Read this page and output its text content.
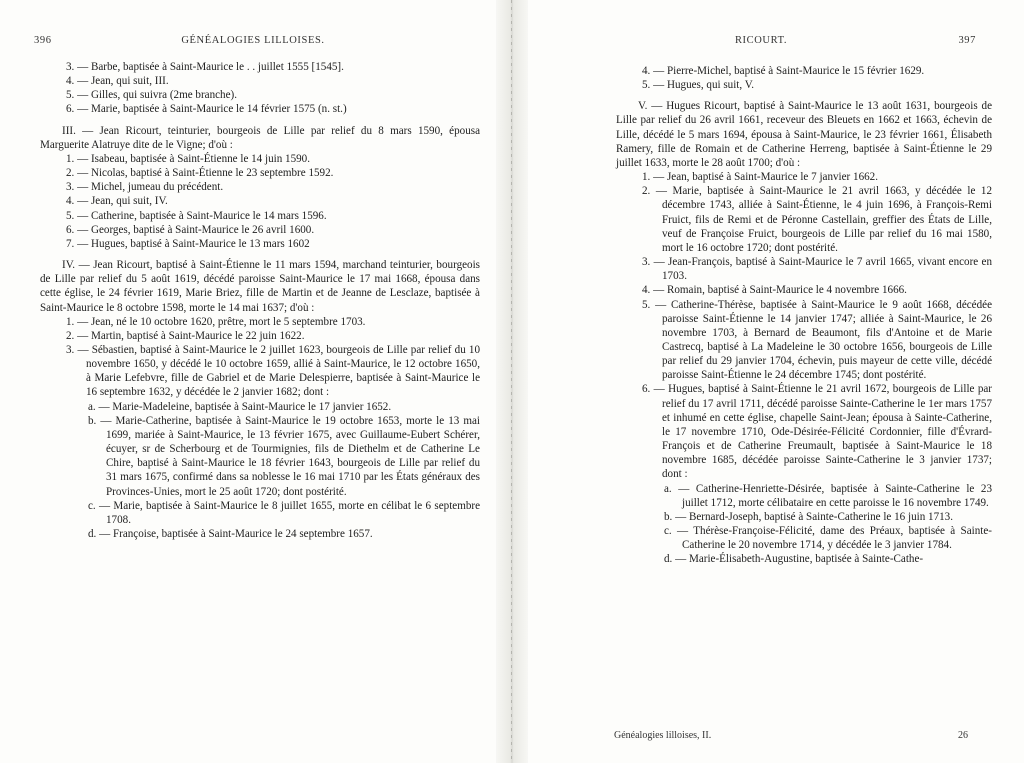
396	GÉNÉALOGIES LILLOISES.

3. — Barbe, baptisée à Saint-Maurice le . . juillet 1555 [1545].

4. — Jean, qui suit, III.

5. — Gilles, qui suivra (2me branche).

6. — Marie, baptisée à Saint-Maurice le 14 février 1575 (n. st.)

III. — Jean Ricourt, teinturier, bourgeois de Lille par relief du 8 mars 1590, épousa Marguerite Alatruye dite de le Vigne; d'où :

1. — Isabeau, baptisée à Saint-Étienne le 14 juin 1590.

2. — Nicolas, baptisé à Saint-Étienne le 23 septembre 1592.

3. — Michel, jumeau du précédent.

4. — Jean, qui suit, IV.

5. — Catherine, baptisée à Saint-Maurice le 14 mars 1596.

6. — Georges, baptisé à Saint-Maurice le 26 avril 1600.

7. — Hugues, baptisé à Saint-Maurice le 13 mars 1602

IV. — Jean Ricourt, baptisé à Saint-Étienne le 11 mars 1594, marchand teinturier, bourgeois de Lille par relief du 5 août 1619, décédé paroisse Saint-Maurice le 17 mai 1668, épousa dans cette église, le 24 février 1619, Marie Briez, fille de Martin et de Jeanne de Lesclaze, baptisée à Saint-Maurice le 8 octobre 1598, morte le 14 mai 1637; d'où :

1. — Jean, né le 10 octobre 1620, prêtre, mort le 5 septembre 1703.

2. — Martin, baptisé à Saint-Maurice le 22 juin 1622.

3. — Sébastien, baptisé à Saint-Maurice le 2 juillet 1623, bourgeois de Lille par relief du 10 novembre 1650, y décédé le 10 octobre 1659, allié à Saint-Maurice, le 12 octobre 1650, à Marie Lefebvre, fille de Gabriel et de Marie Delespierre, baptisée à Saint-Maurice le 16 septembre 1632, y décédée le 2 janvier 1682; dont :

a. — Marie-Madeleine, baptisée à Saint-Maurice le 17 janvier 1652.

b. — Marie-Catherine, baptisée à Saint-Maurice le 19 octobre 1653, morte le 13 mai 1699, mariée à Saint-Maurice, le 13 février 1675, avec Guillaume-Eubert Schérer, écuyer, sr de Scherbourg et de Tourmignies, fils de Diethelm et de Catherine Le Chire, baptisé à Saint-Maurice le 18 février 1643, bourgeois de Lille par relief du 31 mars 1675, confirmé dans sa noblesse le 16 mai 1710 par les États généraux des Provinces-Unies, mort le 25 août 1720; dont postérité.

c. — Marie, baptisée à Saint-Maurice le 8 juillet 1655, morte en célibat le 6 septembre 1708.

d. — Françoise, baptisée à Saint-Maurice le 24 septembre 1657.

RICOURT.	397

4. — Pierre-Michel, baptisé à Saint-Maurice le 15 février 1629.

5. — Hugues, qui suit, V.

V. — Hugues Ricourt, baptisé à Saint-Maurice le 13 août 1631, bourgeois de Lille par relief du 26 avril 1661, receveur des Bleuets en 1662 et 1663, échevin de Lille, décédé le 5 mars 1694, épousa à Saint-Maurice, le 23 février 1661, Élisabeth Ramery, fille de Romain et de Catherine Herreng, baptisée à Saint-Étienne le 29 juillet 1633, morte le 28 août 1700; d'où :

1. — Jean, baptisé à Saint-Maurice le 7 janvier 1662.

2. — Marie, baptisée à Saint-Maurice le 21 avril 1663, y décédée le 12 décembre 1743, alliée à Saint-Étienne, le 4 juin 1696, à François-Remi Fruict, fils de Remi et de Péronne Castellain, greffier des États de Lille, veuf de Françoise Fruict, bourgeois de Lille par relief du 16 mai 1580, mort le 16 octobre 1720; dont postérité.

3. — Jean-François, baptisé à Saint-Maurice le 7 avril 1665, vivant encore en 1703.

4. — Romain, baptisé à Saint-Maurice le 4 novembre 1666.

5. — Catherine-Thérèse, baptisée à Saint-Maurice le 9 août 1668, décédée paroisse Saint-Étienne le 14 janvier 1747; alliée à Saint-Maurice, le 26 novembre 1703, à Bernard de Beaumont, fils d'Antoine et de Marie Castrecq, baptisé à La Madeleine le 30 octobre 1656, bourgeois de Lille par relief du 29 janvier 1704, échevin, puis mayeur de cette ville, décédé paroisse Saint-Étienne le 24 décembre 1745; dont postérité.

6. — Hugues, baptisé à Saint-Étienne le 21 avril 1672, bourgeois de Lille par relief du 17 avril 1711, décédé paroisse Sainte-Catherine le 1er mars 1757 et inhumé en cette église, chapelle Saint-Jean; épousa à Sainte-Catherine, le 17 novembre 1710, Ode-Désirée-Félicité Cordonnier, fille d'Évrard-François et de Catherine Freumault, baptisée à Saint-Maurice le 18 novembre 1685, décédée paroisse Sainte-Catherine le 3 janvier 1737; dont :

a. — Catherine-Henriette-Désirée, baptisée à Sainte-Catherine le 23 juillet 1712, morte célibataire en cette paroisse le 16 novembre 1749.

b. — Bernard-Joseph, baptisé à Sainte-Catherine le 16 juin 1713.

c. — Thérèse-Françoise-Félicité, dame des Préaux, baptisée à Sainte-Catherine le 20 novembre 1714, y décédée le 3 janvier 1784.

d. — Marie-Élisabeth-Augustine, baptisée à Sainte-Cathe-

Généalogies lilloises, II.	26
